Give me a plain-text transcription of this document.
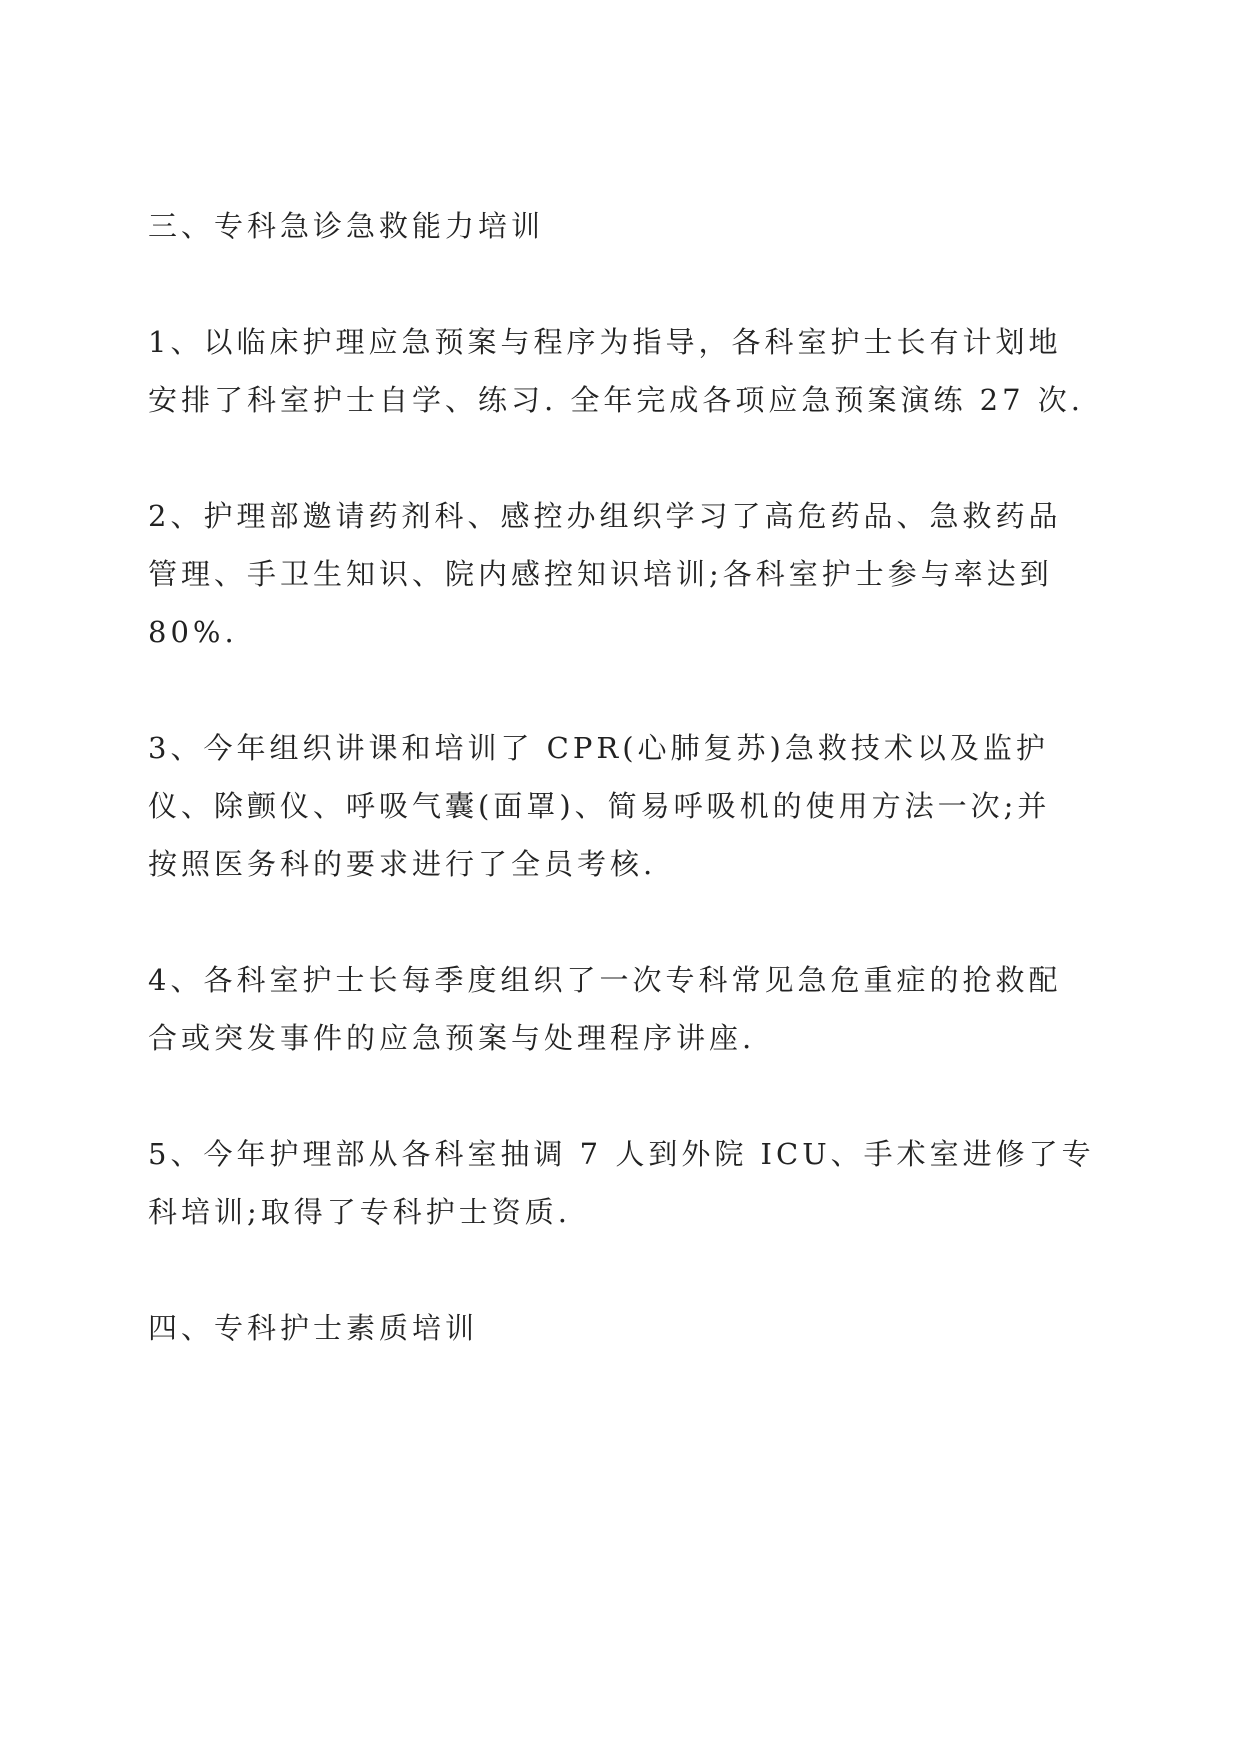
三、专科急诊急救能力培训
1、以临床护理应急预案与程序为指导，各科室护士长有计划地
安排了科室护士自学、练习. 全年完成各项应急预案演练 27 次.
2、护理部邀请药剂科、感控办组织学习了高危药品、急救药品
管理、手卫生知识、院内感控知识培训;各科室护士参与率达到
80%.
3、今年组织讲课和培训了 CPR(心肺复苏)急救技术以及监护
仪、除颤仪、呼吸气囊(面罩)、简易呼吸机的使用方法一次;并
按照医务科的要求进行了全员考核.
4、各科室护士长每季度组织了一次专科常见急危重症的抢救配
合或突发事件的应急预案与处理程序讲座.
5、今年护理部从各科室抽调 7 人到外院 ICU、手术室进修了专
科培训;取得了专科护士资质.
四、专科护士素质培训
